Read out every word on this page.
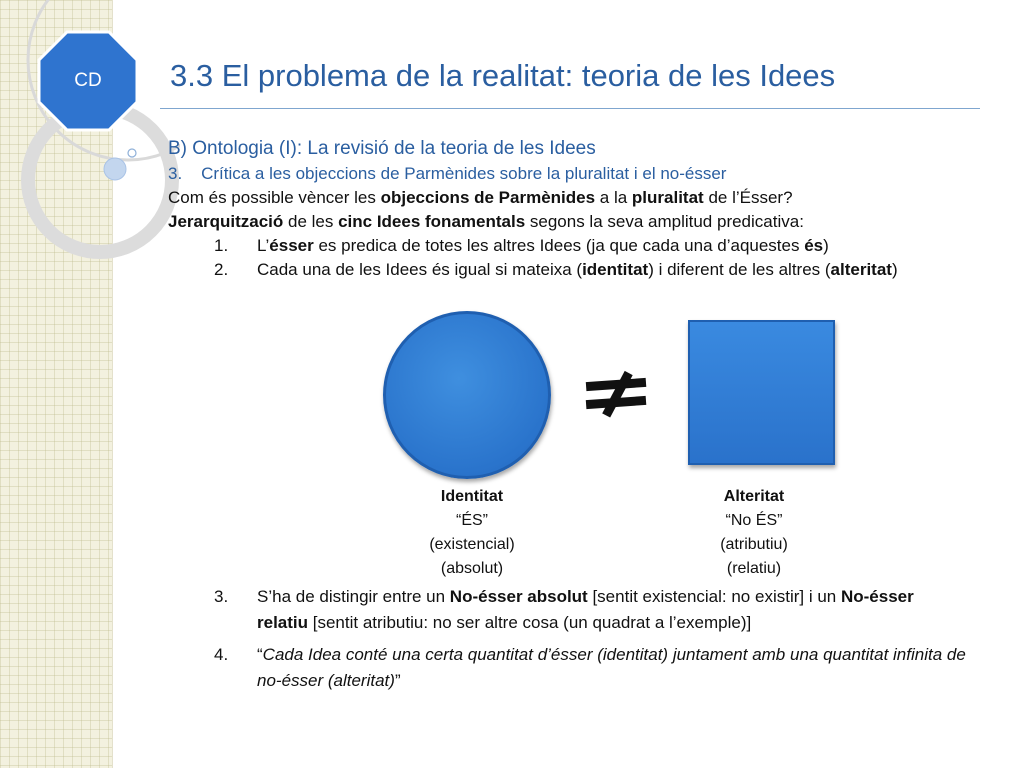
CD 3.3 El problema de la realitat: teoria de les Idees
B) Ontologia (I): La revisió de la teoria de les Idees
3. Crítica a les objeccions de Parmènides sobre la pluralitat i el no-ésser
Com és possible vèncer les objeccions de Parmènides a la pluralitat de l’Ésser?
Jerarquització de les cinc Idees fonamentals segons la seva amplitud predicativa:
1.	L’ésser es predica de totes les altres Idees (ja que cada una d’aquestes és)
2.	Cada una de les Idees és igual si mateixa (identitat) i diferent de les altres (alteritat)
Identitat
“ÉS”
(existencial)
(absolut)
Alteritat
“No ÉS”
(atributiu)
(relatiu)
3.	S’ha de distingir entre un No-ésser absolut [sentit existencial: no existir] i un No-ésser relatiu [sentit atributiu: no ser altre cosa (un quadrat a l’exemple)]
4.	“Cada Idea conté una certa quantitat d’ésser (identitat) juntament amb una quantitat infinita de no-ésser (alteritat)”
